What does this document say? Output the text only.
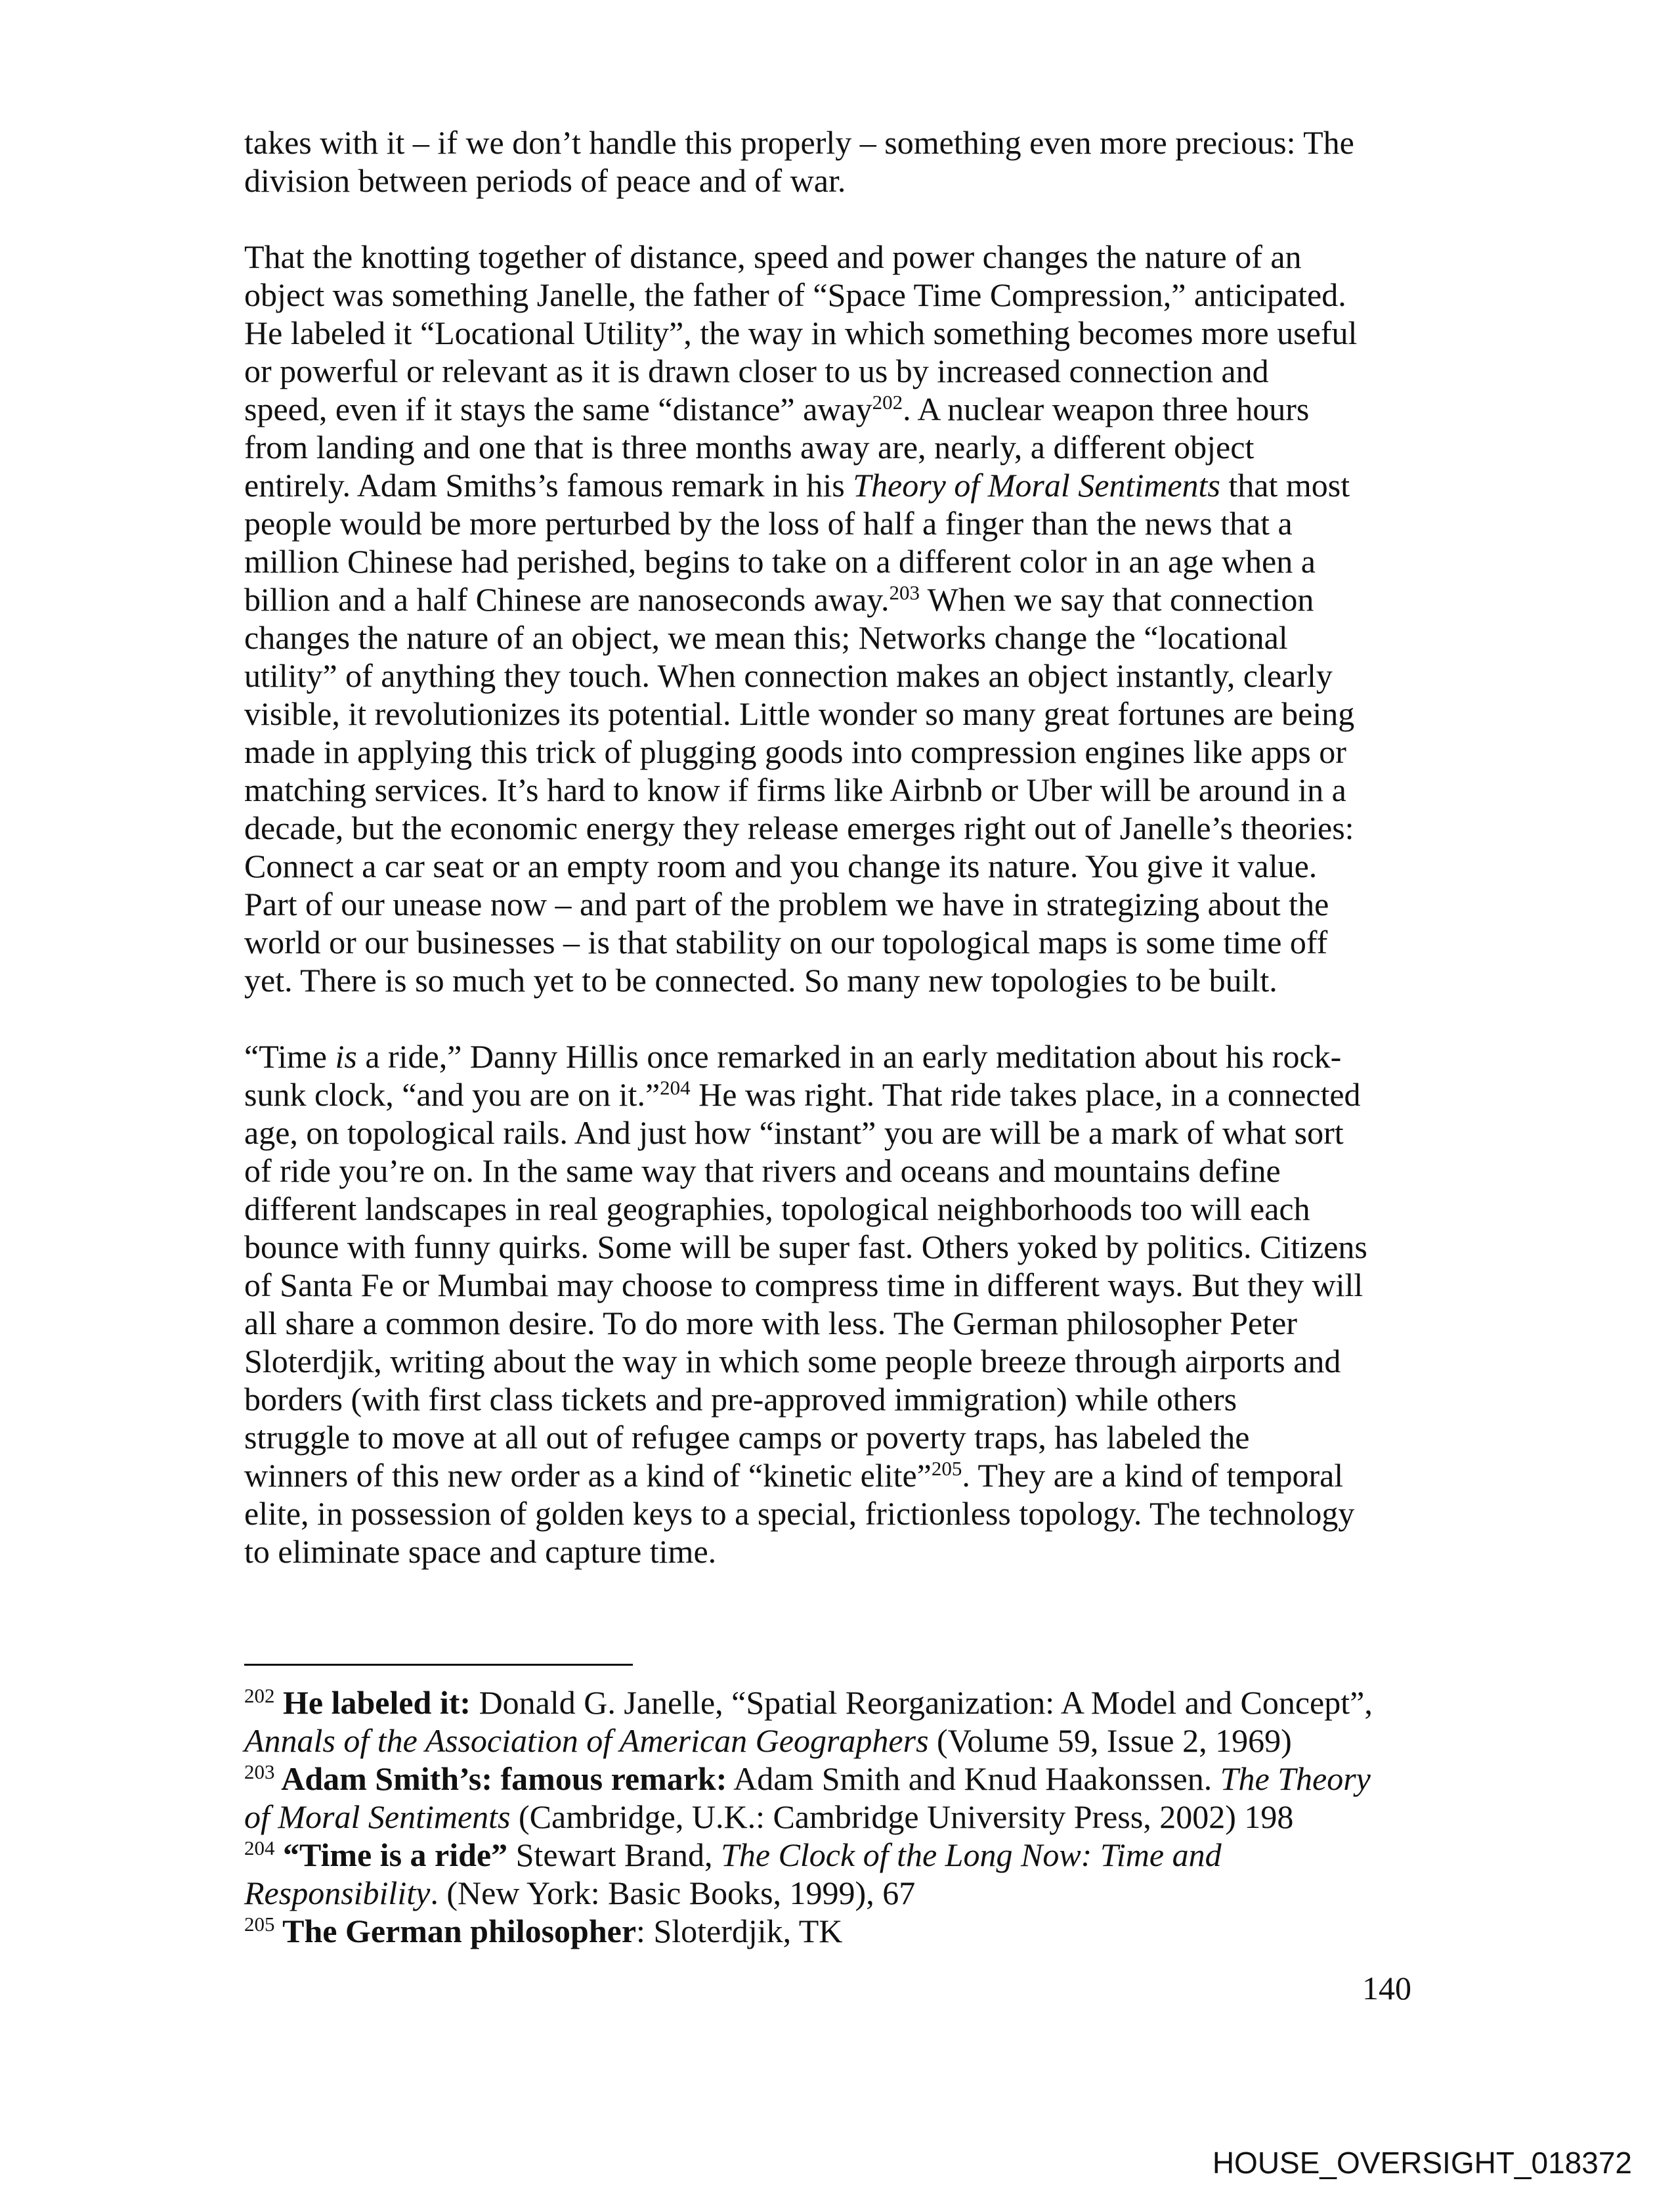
takes with it – if we don’t handle this properly – something even more precious: The
division between periods of peace and of war.
That the knotting together of distance, speed and power changes the nature of an
object was something Janelle, the father of “Space Time Compression,” anticipated.
He labeled it “Locational Utility”, the way in which something becomes more useful
or powerful or relevant as it is drawn closer to us by increased connection and
speed, even if it stays the same “distance” away$^{202}$. A nuclear weapon three hours
from landing and one that is three months away are, nearly, a different object
entirely. Adam Smiths’s famous remark in his Theory of Moral Sentiments that most
people would be more perturbed by the loss of half a finger than the news that a
million Chinese had perished, begins to take on a different color in an age when a
billion and a half Chinese are nanoseconds away.$^{203}$ When we say that connection
changes the nature of an object, we mean this; Networks change the “locational
utility” of anything they touch. When connection makes an object instantly, clearly
visible, it revolutionizes its potential. Little wonder so many great fortunes are being
made in applying this trick of plugging goods into compression engines like apps or
matching services. It’s hard to know if firms like Airbnb or Uber will be around in a
decade, but the economic energy they release emerges right out of Janelle’s theories:
Connect a car seat or an empty room and you change its nature. You give it value.
Part of our unease now – and part of the problem we have in strategizing about the
world or our businesses – is that stability on our topological maps is some time off
yet. There is so much yet to be connected. So many new topologies to be built.
“Time is a ride,” Danny Hillis once remarked in an early meditation about his rock-
sunk clock, “and you are on it.”$^{204}$ He was right. That ride takes place, in a connected
age, on topological rails. And just how “instant” you are will be a mark of what sort
of ride you’re on. In the same way that rivers and oceans and mountains define
different landscapes in real geographies, topological neighborhoods too will each
bounce with funny quirks. Some will be super fast. Others yoked by politics. Citizens
of Santa Fe or Mumbai may choose to compress time in different ways. But they will
all share a common desire. To do more with less. The German philosopher Peter
Sloterdjik, writing about the way in which some people breeze through airports and
borders (with first class tickets and pre-approved immigration) while others
struggle to move at all out of refugee camps or poverty traps, has labeled the
winners of this new order as a kind of “kinetic elite”$^{205}$. They are a kind of temporal
elite, in possession of golden keys to a special, frictionless topology. The technology
to eliminate space and capture time.
$^{202}$ He labeled it: Donald G. Janelle, “Spatial Reorganization: A Model and Concept”,
Annals of the Association of American Geographers (Volume 59, Issue 2, 1969)
$^{203}$ Adam Smith’s: famous remark: Adam Smith and Knud Haakonssen. The Theory
of Moral Sentiments (Cambridge, U.K.: Cambridge University Press, 2002) 198
$^{204}$ “Time is a ride” Stewart Brand, The Clock of the Long Now: Time and
Responsibility. (New York: Basic Books, 1999), 67
$^{205}$ The German philosopher: Sloterdjik, TK
140
HOUSE_OVERSIGHT_018372
